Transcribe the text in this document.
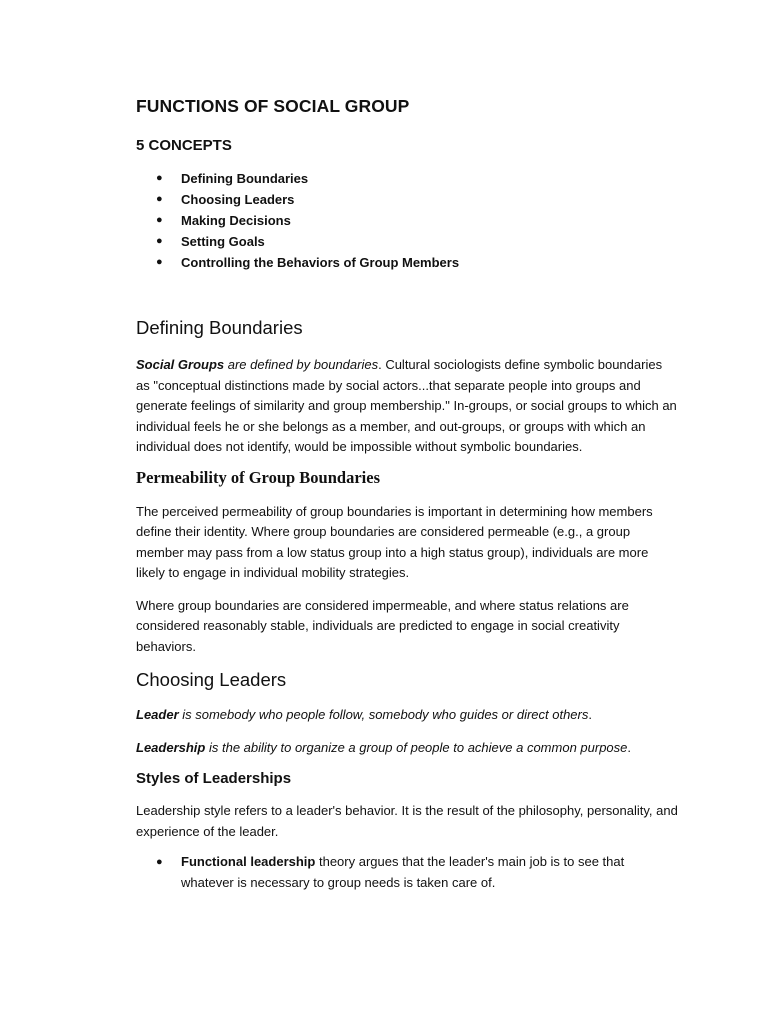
FUNCTIONS OF SOCIAL GROUP
5 CONCEPTS
● Defining Boundaries
● Choosing Leaders
● Making Decisions
● Setting Goals
● Controlling the Behaviors of Group Members
Defining Boundaries

Social Groups are defined by boundaries. Cultural sociologists define symbolic boundaries as "conceptual distinctions made by social actors...that separate people into groups and generate feelings of similarity and group membership." In-groups, or social groups to which an individual feels he or she belongs as a member, and out-groups, or groups with which an individual does not identify, would be impossible without symbolic boundaries.

Permeability of Group Boundaries

The perceived permeability of group boundaries is important in determining how members define their identity. Where group boundaries are considered permeable (e.g., a group member may pass from a low status group into a high status group), individuals are more likely to engage in individual mobility strategies.

Where group boundaries are considered impermeable, and where status relations are considered reasonably stable, individuals are predicted to engage in social creativity behaviors.

Choosing Leaders

Leader is somebody who people follow, somebody who guides or direct others.

Leadership is the ability to organize a group of people to achieve a common purpose.

Styles of Leaderships

Leadership style refers to a leader's behavior. It is the result of the philosophy, personality, and experience of the leader.

● Functional leadership theory argues that the leader's main job is to see that whatever is necessary to group needs is taken care of.
